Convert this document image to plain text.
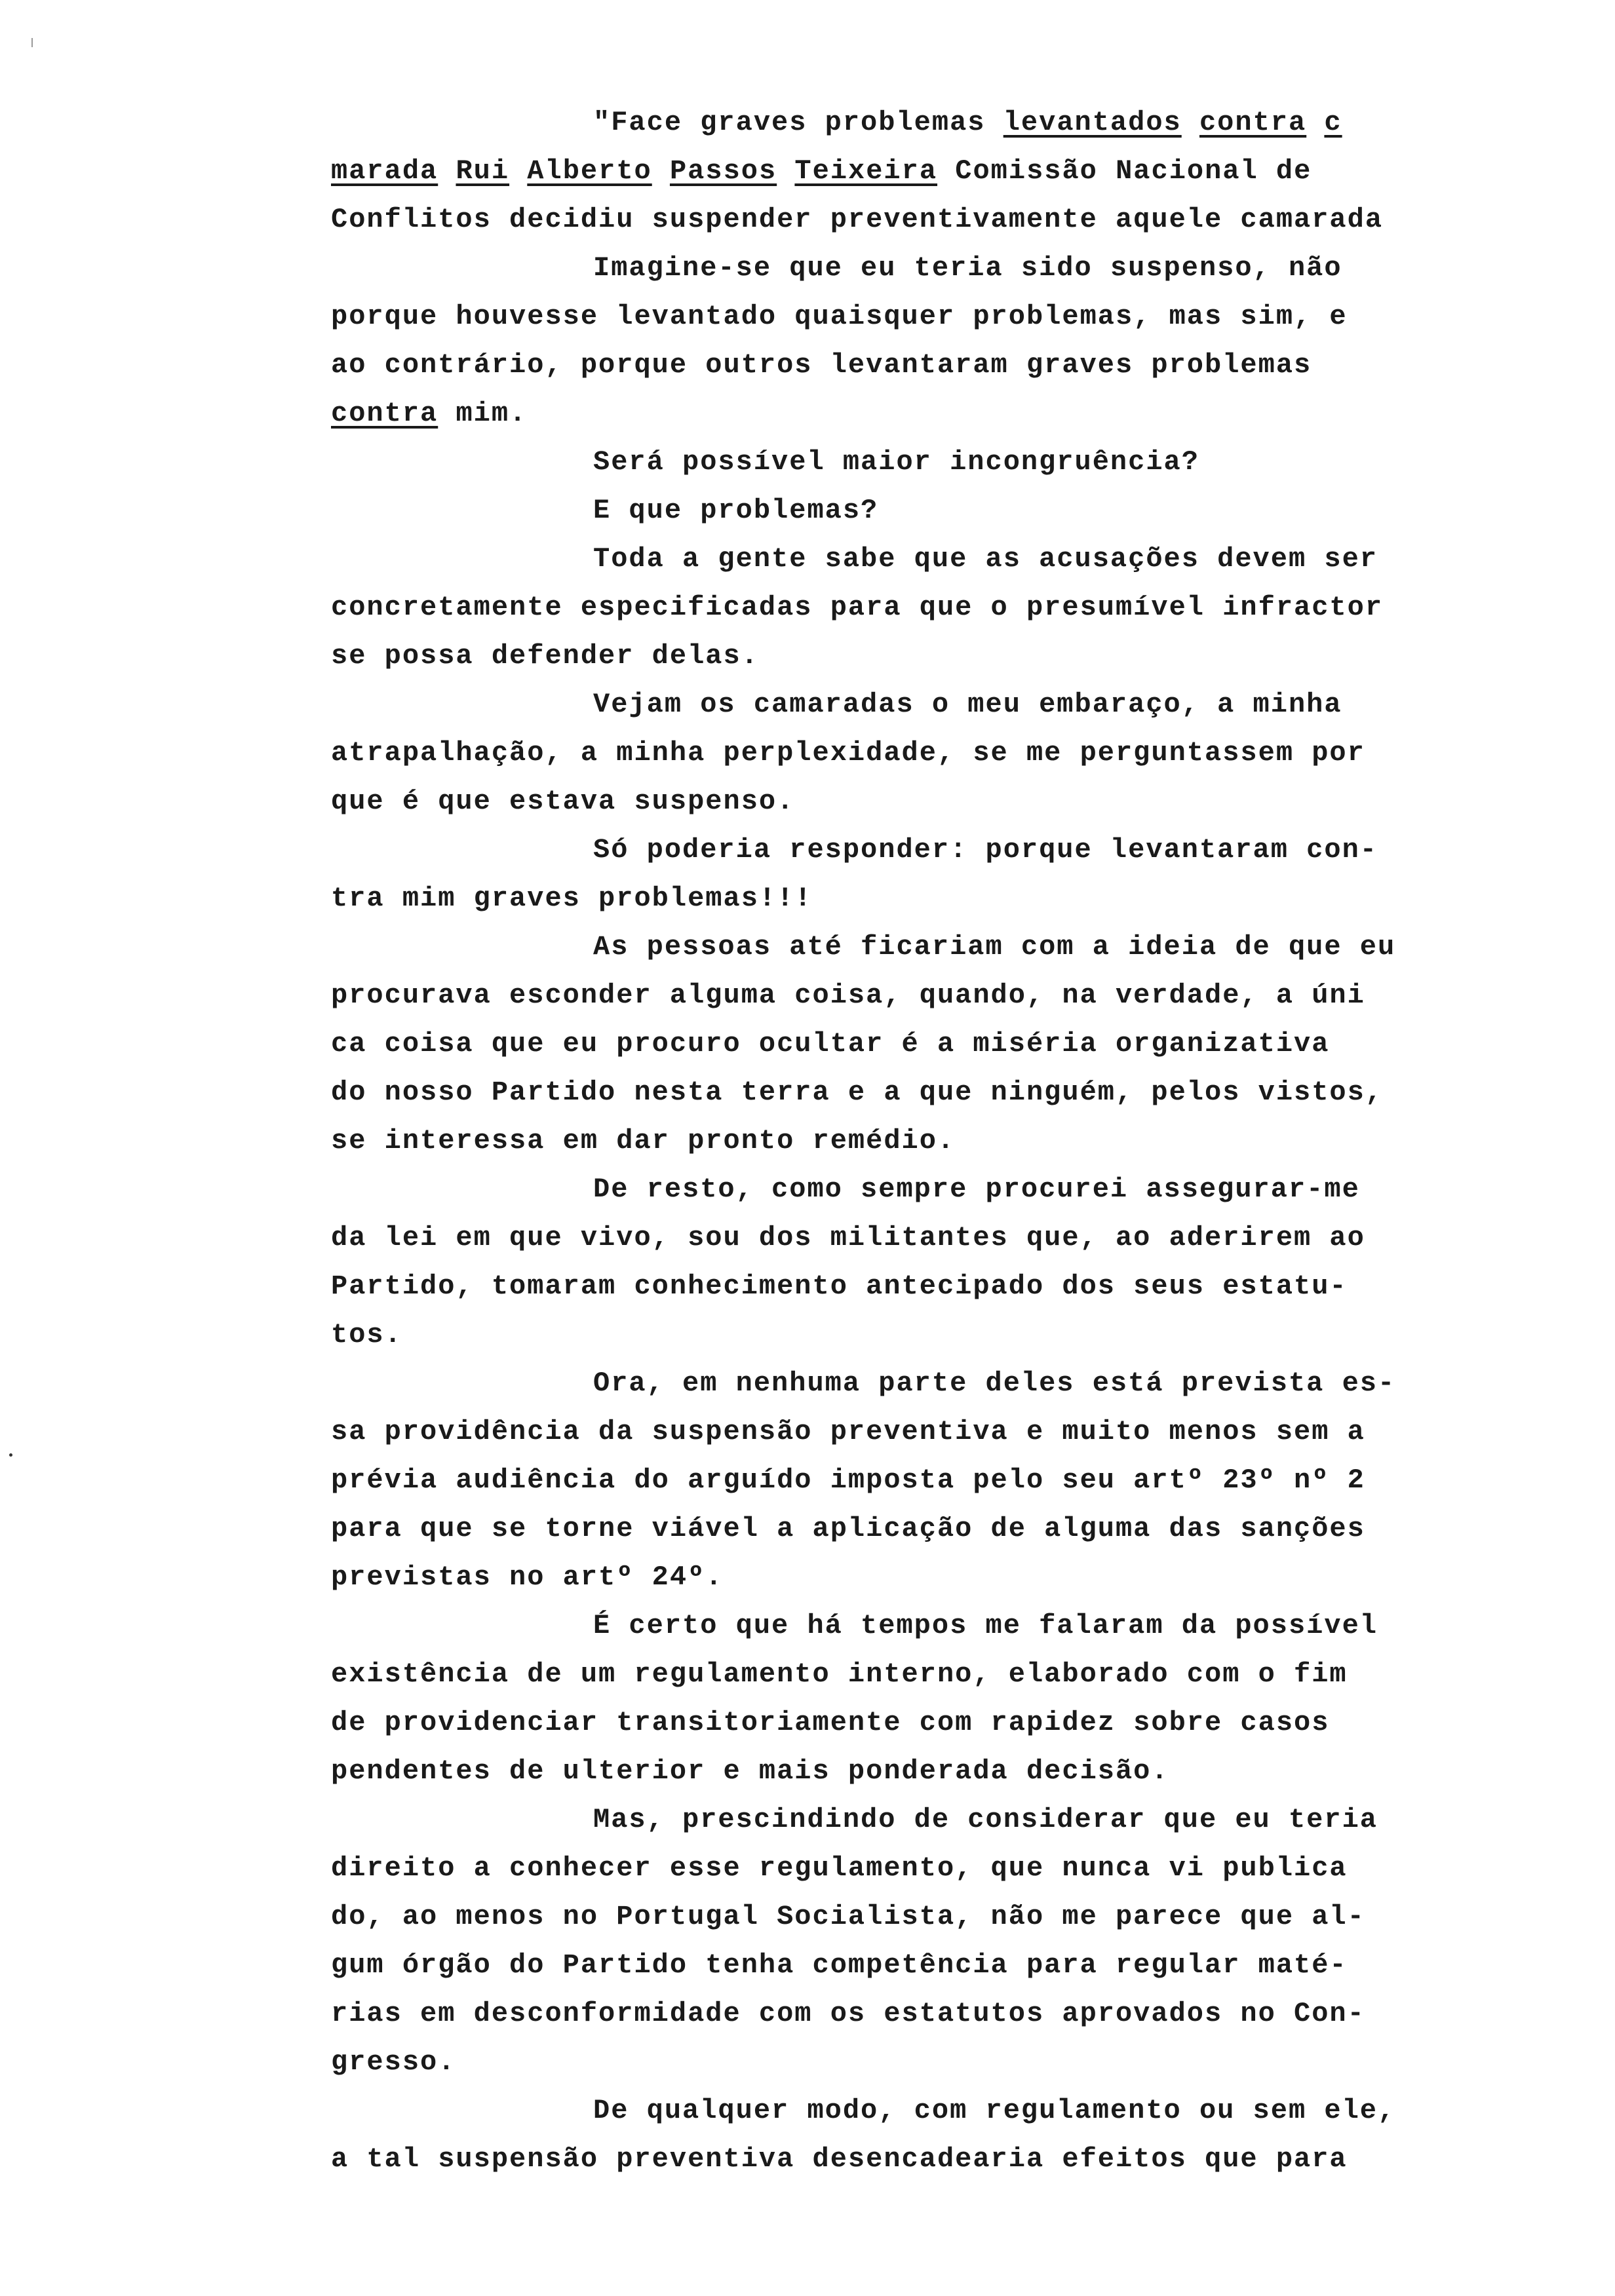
"Face graves problemas levantados contra c
marada Rui Alberto Passos Teixeira Comissão Nacional de
Conflitos decidiu suspender preventivamente aquele camarada
Imagine-se que eu teria sido suspenso, não
porque houvesse levantado quaisquer problemas, mas sim, e
ao contrário, porque outros levantaram graves problemas
contra mim.
Será possível maior incongruência?
E que problemas?
Toda a gente sabe que as acusações devem ser
concretamente especificadas para que o presumível infractor
se possa defender delas.
Vejam os camaradas o meu embaraço, a minha
atrapalhação, a minha perplexidade, se me perguntassem por
que é que estava suspenso.
Só poderia responder: porque levantaram con-
tra mim graves problemas!!!
As pessoas até ficariam com a ideia de que eu
procurava esconder alguma coisa, quando, na verdade, a úni
ca coisa que eu procuro ocultar é a miséria organizativa
do nosso Partido nesta terra e a que ninguém, pelos vistos,
se interessa em dar pronto remédio.
De resto, como sempre procurei assegurar-me
da lei em que vivo, sou dos militantes que, ao aderirem ao
Partido, tomaram conhecimento antecipado dos seus estatu-
tos.
Ora, em nenhuma parte deles está prevista es-
sa providência da suspensão preventiva e muito menos sem a
prévia audiência do arguído imposta pelo seu artº 23º nº 2
para que se torne viável a aplicação de alguma das sanções
previstas no artº 24º.
É certo que há tempos me falaram da possível
existência de um regulamento interno, elaborado com o fim
de providenciar transitoriamente com rapidez sobre casos
pendentes de ulterior e mais ponderada decisão.
Mas, prescindindo de considerar que eu teria
direito a conhecer esse regulamento, que nunca vi publica
do, ao menos no Portugal Socialista, não me parece que al-
gum órgão do Partido tenha competência para regular maté-
rias em desconformidade com os estatutos aprovados no Con-
gresso.
De qualquer modo, com regulamento ou sem ele,
a tal suspensão preventiva desencadearia efeitos que para
